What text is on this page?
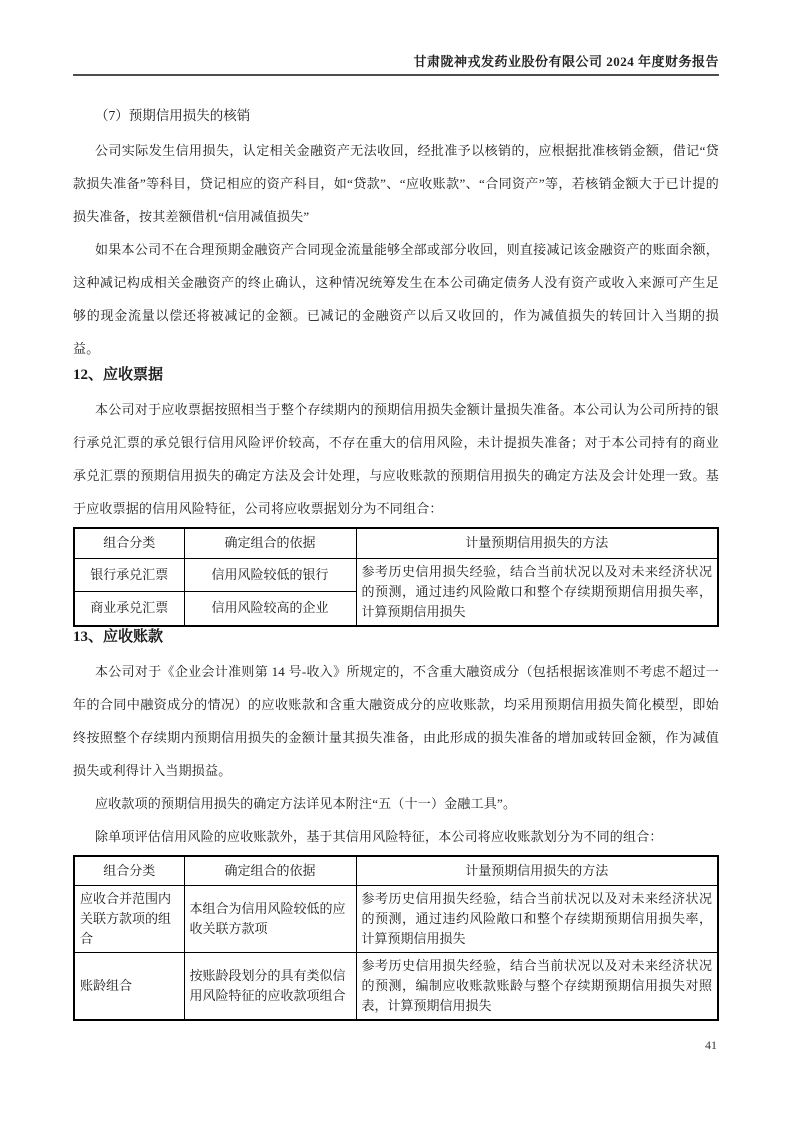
甘肃陇神戎发药业股份有限公司 2024 年度财务报告

（7）预期信用损失的核销

公司实际发生信用损失，认定相关金融资产无法收回，经批准予以核销的，应根据批准核销金额，借记“贷款损失准备”等科目，贷记相应的资产科目，如“贷款”、“应收账款”、“合同资产”等，若核销金额大于已计提的损失准备，按其差额借机“信用减值损失”

如果本公司不在合理预期金融资产合同现金流量能够全部或部分收回，则直接减记该金融资产的账面余额，这种减记构成相关金融资产的终止确认，这种情况统筹发生在本公司确定债务人没有资产或收入来源可产生足够的现金流量以偿还将被减记的金额。已减记的金融资产以后又收回的，作为减值损失的转回计入当期的损益。

12、应收票据

本公司对于应收票据按照相当于整个存续期内的预期信用损失金额计量损失准备。本公司认为公司所持的银行承兑汇票的承兑银行信用风险评价较高，不存在重大的信用风险，未计提损失准备；对于本公司持有的商业承兑汇票的预期信用损失的确定方法及会计处理，与应收账款的预期信用损失的确定方法及会计处理一致。基于应收票据的信用风险特征，公司将应收票据划分为不同组合：

组合分类	确定组合的依据	计量预期信用损失的方法
银行承兑汇票	信用风险较低的银行	参考历史信用损失经验，结合当前状况以及对未来经济状况的预测，通过违约风险敞口和整个存续期预期信用损失率，计算预期信用损失
商业承兑汇票	信用风险较高的企业	
13、应收账款

本公司对于《企业会计准则第 14 号-收入》所规定的，不含重大融资成分（包括根据该准则不考虑不超过一年的合同中融资成分的情况）的应收账款和含重大融资成分的应收账款，均采用预期信用损失简化模型，即始终按照整个存续期内预期信用损失的金额计量其损失准备，由此形成的损失准备的增加或转回金额，作为减值损失或利得计入当期损益。

应收款项的预期信用损失的确定方法详见本附注“五（十一）金融工具”。

除单项评估信用风险的应收账款外，基于其信用风险特征，本公司将应收账款划分为不同的组合：

组合分类	确定组合的依据	计量预期信用损失的方法
应收合并范围内关联方款项的组合	本组合为信用风险较低的应收关联方款项	参考历史信用损失经验，结合当前状况以及对未来经济状况的预测，通过违约风险敞口和整个存续期预期信用损失率，计算预期信用损失
账龄组合	按账龄段划分的具有类似信用风险特征的应收款项组合	参考历史信用损失经验，结合当前状况以及对未来经济状况的预测，编制应收账款账龄与整个存续期预期信用损失对照表，计算预期信用损失
41
